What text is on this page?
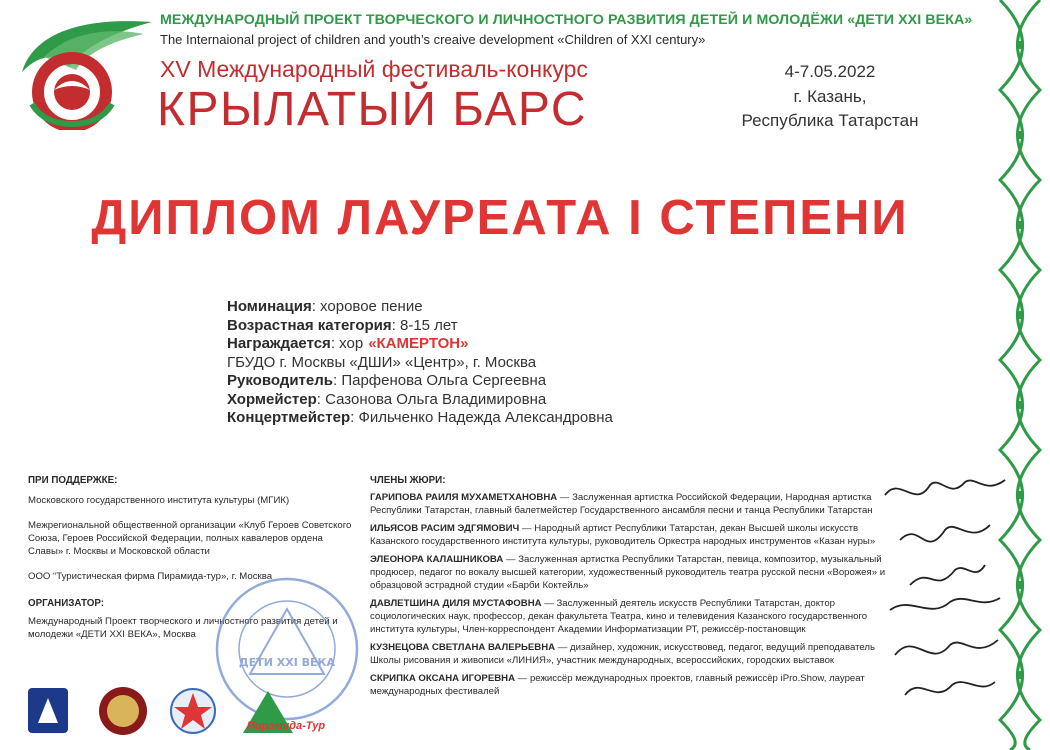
МЕЖДУНАРОДНЫЙ ПРОЕКТ ТВОРЧЕСКОГО И ЛИЧНОСТНОГО РАЗВИТИЯ ДЕТЕЙ И МОЛОДЁЖИ «ДЕТИ XXI ВЕКА»
The Internaional project of children and youth’s creaive development «Children of XXI century»
XV Международный фестиваль-конкурс
КРЫЛАТЫЙ БАРС
4-7.05.2022
г. Казань,
Республика Татарстан
ДИПЛОМ ЛАУРЕАТА I СТЕПЕНИ
Номинация: хоровое пение
Возрастная категория: 8-15 лет
Награждается: хор «КАМЕРТОН»
ГБУДО г. Москвы «ДШИ» «Центр», г. Москва
Руководитель: Парфенова Ольга Сергеевна
Хормейстер: Сазонова Ольга Владимировна
Концертмейстер: Фильченко Надежда Александровна
ПРИ ПОДДЕРЖКЕ:
Московского государственного института культуры (МГИК)
Межрегиональной общественной организации «Клуб Героев Советского Союза, Героев Российской Федерации, полных кавалеров ордена Славы» г. Москвы и Московской области
ООО “Туристическая фирма Пирамида-тур», г. Москва
ОРГАНИЗАТОР:
Международный Проект творческого и личностного развития детей и молодежи «ДЕТИ XXI ВЕКА», Москва
ДЕТИ XXI ВЕКА
ЧЛЕНЫ ЖЮРИ:
ГАРИПОВА РАИЛЯ МУХАМЕТХАНОВНА — Заслуженная артистка Российской Федерации, Народная артистка Республики Татарстан, главный балетмейстер Государственного ансамбля песни и танца Республики Татарстан
ИЛЬЯСОВ РАСИМ ЭДГЯМОВИЧ — Народный артист Республики Татарстан, декан Высшей школы искусств Казанского государственного института культуры, руководитель Оркестра народных инструментов «Казан нуры»
ЭЛЕОНОРА КАЛАШНИКОВА — Заслуженная артистка Республики Татарстан, певица, композитор, музыкальный продюсер, педагог по вокалу высшей категории, художественный руководитель театра русской песни «Ворожея» и образцовой эстрадной студии «Барби Коктейль»
ДАВЛЕТШИНА ДИЛЯ МУСТАФОВНА — Заслуженный деятель искусств Республики Татарстан, доктор социологических наук, профессор, декан факультета Театра, кино и телевидения Казанского государственного института культуры, Член-корреспондент Академии Информатизации РТ, режиссёр-постановщик
КУЗНЕЦОВА СВЕТЛАНА ВАЛЕРЬЕВНА — дизайнер, художник, искусствовед, педагог, ведущий преподаватель Школы рисования и живописи «ЛИНИЯ», участник международных, всероссийских, городских выставок
СКРИПКА ОКСАНА ИГОРЕВНА — режиссёр международных проектов, главный режиссёр iPro.Show, лауреат международных фестивалей
Пирамида-Тур
